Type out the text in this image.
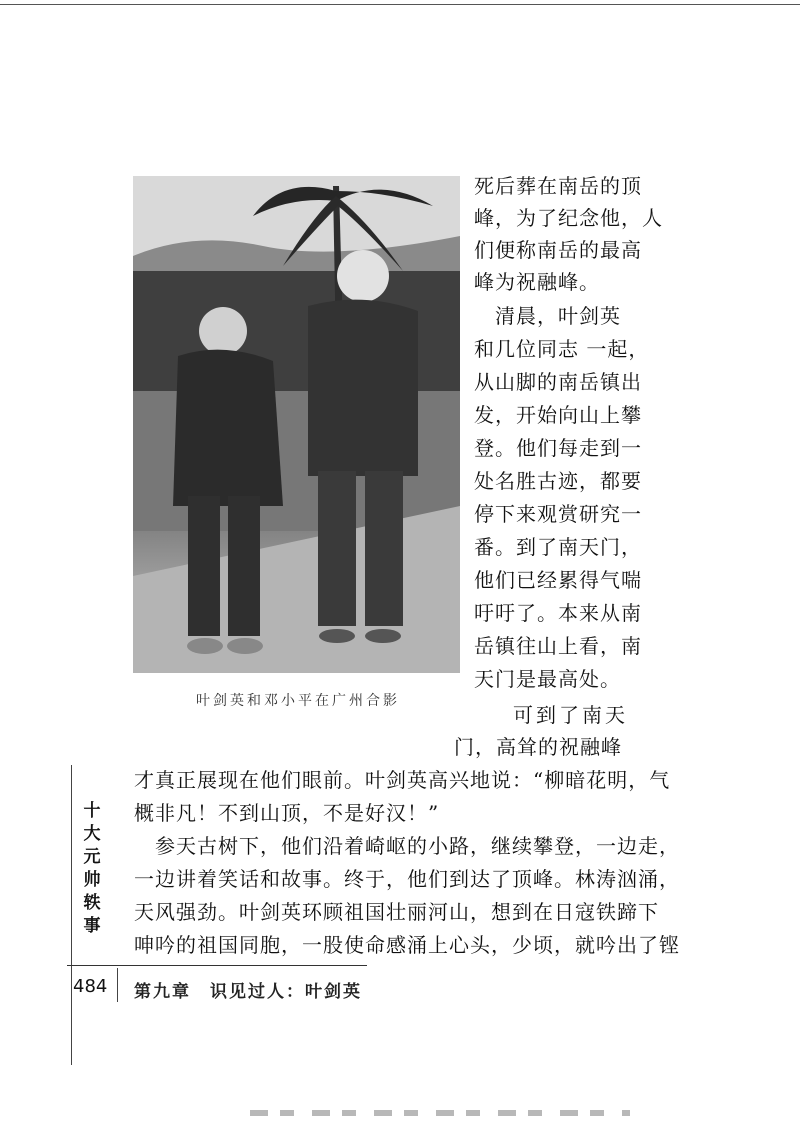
叶剑英和邓小平在广州合影
死后葬在南岳的顶
峰，为了纪念他，人
们便称南岳的最高
峰为祝融峰。
　清晨，叶剑英
和几位同志 一起，
从山脚的南岳镇出
发，开始向山上攀
登。他们每走到一
处名胜古迹，都要
停下来观赏研究一
番。到了南天门，
他们已经累得气喘
吁吁了。本来从南
岳镇往山上看，南
天门是最高处。
可到了南天
门，高耸的祝融峰
才真正展现在他们眼前。叶剑英高兴地说：“柳暗花明，气
概非凡！不到山顶，不是好汉！”
　参天古树下，他们沿着崎岖的小路，继续攀登，一边走，
一边讲着笑话和故事。终于，他们到达了顶峰。林涛汹涌，
天风强劲。叶剑英环顾祖国壮丽河山，想到在日寇铁蹄下
呻吟的祖国同胞，一股使命感涌上心头，少顷，就吟出了铿
十
大
元
帅
轶
事
484 第九章　识见过人：叶剑英
